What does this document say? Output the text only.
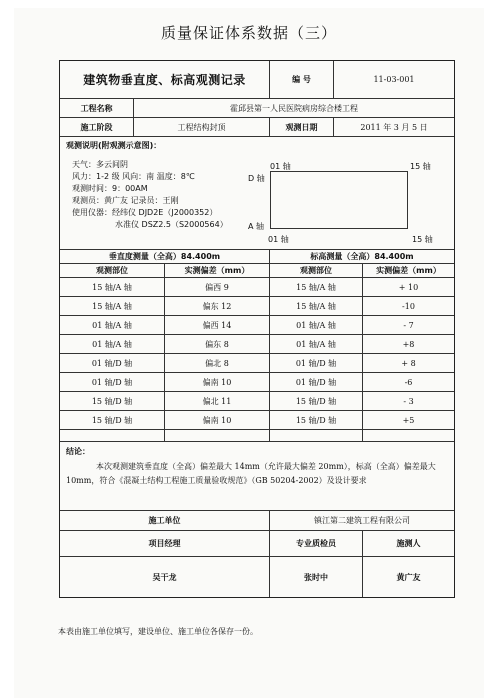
质量保证体系数据（三）
建筑物垂直度、标高观测记录	编 号	11-03-001
工程名称	霍邱县第一人民医院病房综合楼工程
施工阶段	工程结构封顶	观测日期	2011 年 3 月 5 日
观测说明(附观测示意图)：
天气：多云间阴
风力：1-2 级 风向：南 温度：8℃
观测时间：9：00AM
观测员：黄广友 记录员：王刚
使用仪器：经纬仪 DJD2E（J2000352）
水准仪 DSZ2.5（S2000564）
01 轴	15 轴
D 轴
A 轴
01 轴	15 轴
垂直度测量（全高）84.400m	标高测量（全高）84.400m
观测部位	实测偏差（mm）	观测部位	实测偏差（mm）
15 轴/A 轴	偏西 9	15 轴/A 轴	+ 10
15 轴/A 轴	偏东 12	15 轴/A 轴	-10
01 轴/A 轴	偏西 14	01 轴/A 轴	- 7
01 轴/A 轴	偏东 8	01 轴/A 轴	+8
01 轴/D 轴	偏北 8	01 轴/D 轴	+ 8
01 轴/D 轴	偏南 10	01 轴/D 轴	-6
15 轴/D 轴	偏北 11	15 轴/D 轴	- 3
15 轴/D 轴	偏南 10	15 轴/D 轴	+5
结论：
本次观测建筑垂直度（全高）偏差最大 14mm（允许最大偏差 20mm），标高（全高）偏差最大 10mm，符合《混凝土结构工程施工质量验收规范》（GB 50204-2002）及设计要求
施工单位	镇江第二建筑工程有限公司
项目经理	专业质检员	施测人
吴干龙	张时中	黄广友
本表由施工单位填写，建设单位、施工单位各保存一份。
